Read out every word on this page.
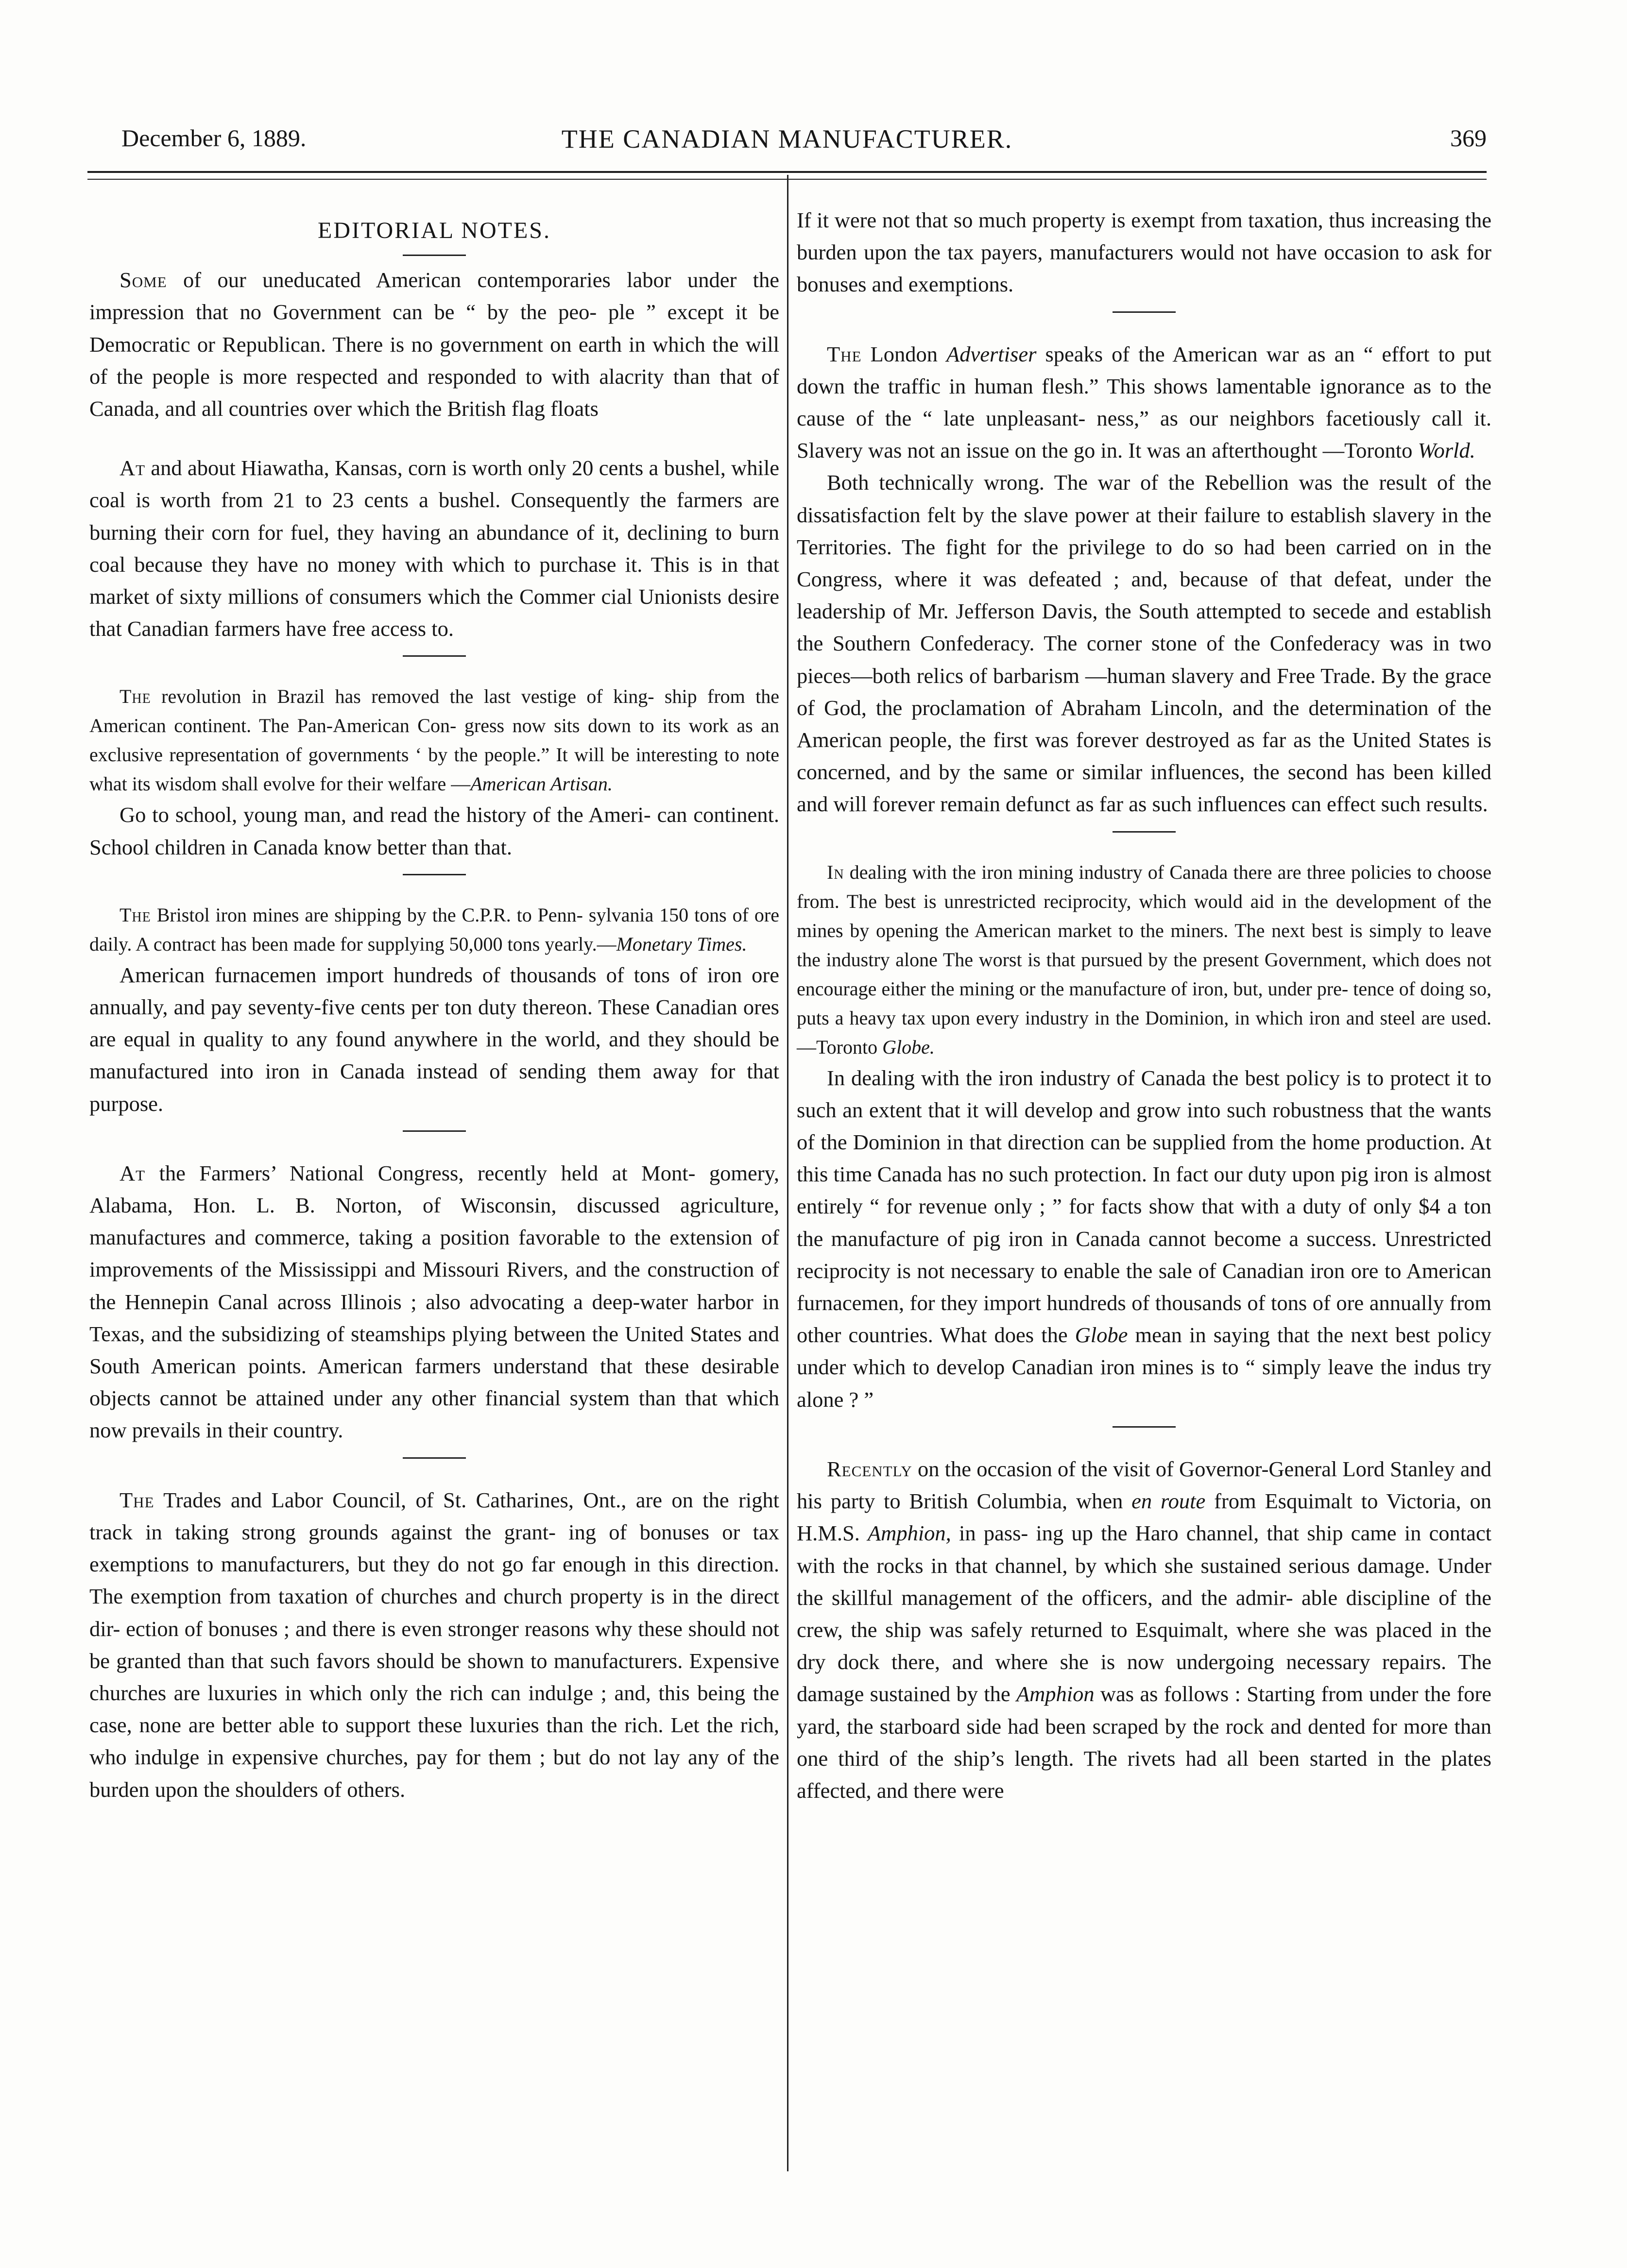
December 6, 1889.	THE CANADIAN MANUFACTURER.	369
EDITORIAL NOTES.

Some of our uneducated American contemporaries labor under the impression that no Government can be “ by the peo- ple ” except it be Democratic or Republican. There is no government on earth in which the will of the people is more respected and responded to with alacrity than that of Canada, and all countries over which the British flag floats

At and about Hiawatha, Kansas, corn is worth only 20 cents a bushel, while coal is worth from 21 to 23 cents a bushel. Consequently the farmers are burning their corn for fuel, they having an abundance of it, declining to burn coal because they have no money with which to purchase it. This is in that market of sixty millions of consumers which the Commer cial Unionists desire that Canadian farmers have free access to.

The revolution in Brazil has removed the last vestige of king- ship from the American continent. The Pan-American Con- gress now sits down to its work as an exclusive representation of governments ‘ by the people.” It will be interesting to note what its wisdom shall evolve for their welfare —American Artisan.

Go to school, young man, and read the history of the Ameri- can continent. School children in Canada know better than that.

The Bristol iron mines are shipping by the C.P.R. to Penn- sylvania 150 tons of ore daily. A contract has been made for supplying 50,000 tons yearly.—Monetary Times.

American furnacemen import hundreds of thousands of tons of iron ore annually, and pay seventy-five cents per ton duty thereon. These Canadian ores are equal in quality to any found anywhere in the world, and they should be manufactured into iron in Canada instead of sending them away for that purpose.

At the Farmers’ National Congress, recently held at Mont- gomery, Alabama, Hon. L. B. Norton, of Wisconsin, discussed agriculture, manufactures and commerce, taking a position favorable to the extension of improvements of the Mississippi and Missouri Rivers, and the construction of the Hennepin Canal across Illinois ; also advocating a deep-water harbor in Texas, and the subsidizing of steamships plying between the United States and South American points. American farmers understand that these desirable objects cannot be attained under any other financial system than that which now prevails in their country.

The Trades and Labor Council, of St. Catharines, Ont., are on the right track in taking strong grounds against the grant- ing of bonuses or tax exemptions to manufacturers, but they do not go far enough in this direction. The exemption from taxation of churches and church property is in the direct dir- ection of bonuses ; and there is even stronger reasons why these should not be granted than that such favors should be shown to manufacturers. Expensive churches are luxuries in which only the rich can indulge ; and, this being the case, none are better able to support these luxuries than the rich. Let the rich, who indulge in expensive churches, pay for them ; but do not lay any of the burden upon the shoulders of others.

If it were not that so much property is exempt from taxation, thus increasing the burden upon the tax payers, manufacturers would not have occasion to ask for bonuses and exemptions.

The London Advertiser speaks of the American war as an “ effort to put down the traffic in human flesh.” This shows lamentable ignorance as to the cause of the “ late unpleasant- ness,” as our neighbors facetiously call it. Slavery was not an issue on the go in. It was an afterthought —Toronto World.

Both technically wrong. The war of the Rebellion was the result of the dissatisfaction felt by the slave power at their failure to establish slavery in the Territories. The fight for the privilege to do so had been carried on in the Congress, where it was defeated ; and, because of that defeat, under the leadership of Mr. Jefferson Davis, the South attempted to secede and establish the Southern Confederacy. The corner stone of the Confederacy was in two pieces—both relics of barbarism —human slavery and Free Trade. By the grace of God, the proclamation of Abraham Lincoln, and the determination of the American people, the first was forever destroyed as far as the United States is concerned, and by the same or similar influences, the second has been killed and will forever remain defunct as far as such influences can effect such results.

In dealing with the iron mining industry of Canada there are three policies to choose from. The best is unrestricted reciprocity, which would aid in the development of the mines by opening the American market to the miners. The next best is simply to leave the industry alone The worst is that pursued by the present Government, which does not encourage either the mining or the manufacture of iron, but, under pre- tence of doing so, puts a heavy tax upon every industry in the Dominion, in which iron and steel are used.—Toronto Globe.

In dealing with the iron industry of Canada the best policy is to protect it to such an extent that it will develop and grow into such robustness that the wants of the Dominion in that direction can be supplied from the home production. At this time Canada has no such protection. In fact our duty upon pig iron is almost entirely “ for revenue only ; ” for facts show that with a duty of only $4 a ton the manufacture of pig iron in Canada cannot become a success. Unrestricted reciprocity is not necessary to enable the sale of Canadian iron ore to American furnacemen, for they import hundreds of thousands of tons of ore annually from other countries. What does the Globe mean in saying that the next best policy under which to develop Canadian iron mines is to “ simply leave the indus try alone ? ”

Recently on the occasion of the visit of Governor-General Lord Stanley and his party to British Columbia, when en route from Esquimalt to Victoria, on H.M.S. Amphion, in pass- ing up the Haro channel, that ship came in contact with the rocks in that channel, by which she sustained serious damage. Under the skillful management of the officers, and the admir- able discipline of the crew, the ship was safely returned to Esquimalt, where she was placed in the dry dock there, and where she is now undergoing necessary repairs. The damage sustained by the Amphion was as follows : Starting from under the fore yard, the starboard side had been scraped by the rock and dented for more than one third of the ship’s length. The rivets had all been started in the plates affected, and there were
